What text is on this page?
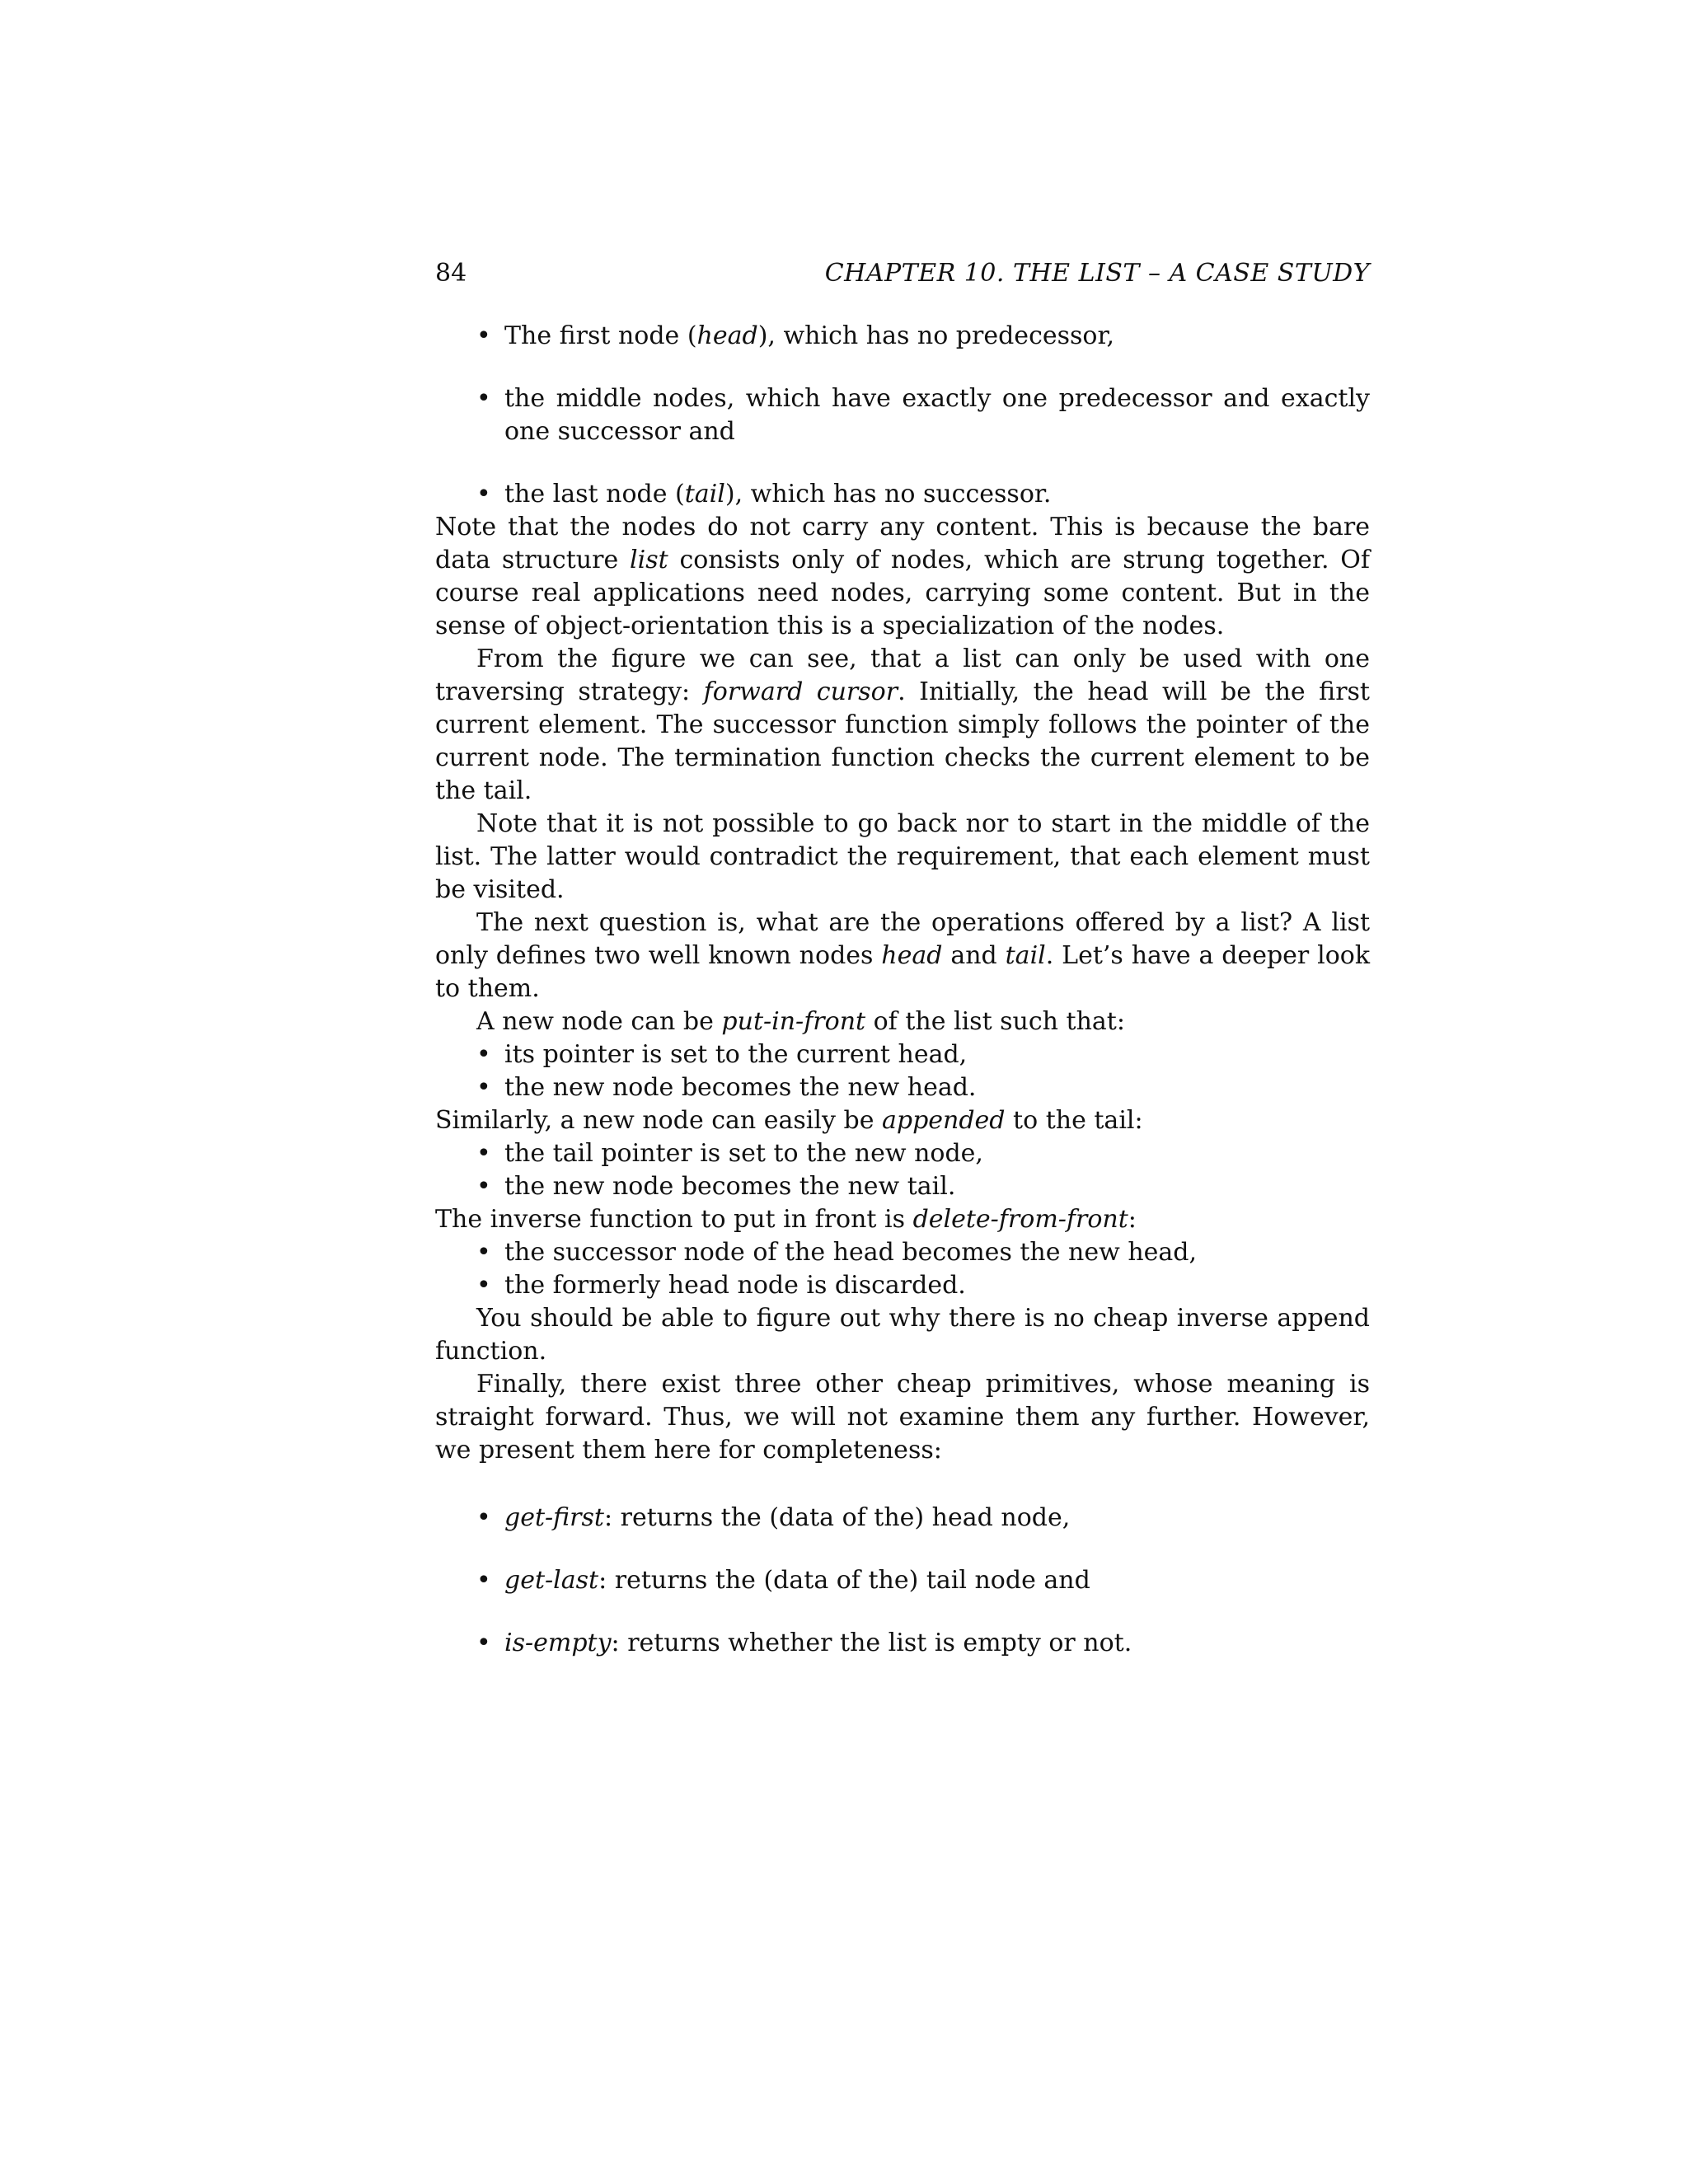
84	CHAPTER 10. THE LIST – A CASE STUDY
• The first node (head), which has no predecessor,
• the middle nodes, which have exactly one predecessor and exactly one successor and
• the last node (tail), which has no successor.

Note that the nodes do not carry any content. This is because the bare data structure list consists only of nodes, which are strung together. Of course real applications need nodes, carrying some content. But in the sense of object-orientation this is a specialization of the nodes.

From the figure we can see, that a list can only be used with one traversing strategy: forward cursor. Initially, the head will be the first current element. The successor function simply follows the pointer of the current node. The termination function checks the current element to be the tail.

Note that it is not possible to go back nor to start in the middle of the list. The latter would contradict the requirement, that each element must be visited.

The next question is, what are the operations offered by a list? A list only defines two well known nodes head and tail. Let’s have a deeper look to them.

A new node can be put-in-front of the list such that:

• its pointer is set to the current head,
• the new node becomes the new head.

Similarly, a new node can easily be appended to the tail:

• the tail pointer is set to the new node,
• the new node becomes the new tail.

The inverse function to put in front is delete-from-front:

• the successor node of the head becomes the new head,
• the formerly head node is discarded.

You should be able to figure out why there is no cheap inverse append function.

Finally, there exist three other cheap primitives, whose meaning is straight forward. Thus, we will not examine them any further. However, we present them here for completeness:

• get-first: returns the (data of the) head node,
• get-last: returns the (data of the) tail node and
• is-empty: returns whether the list is empty or not.
